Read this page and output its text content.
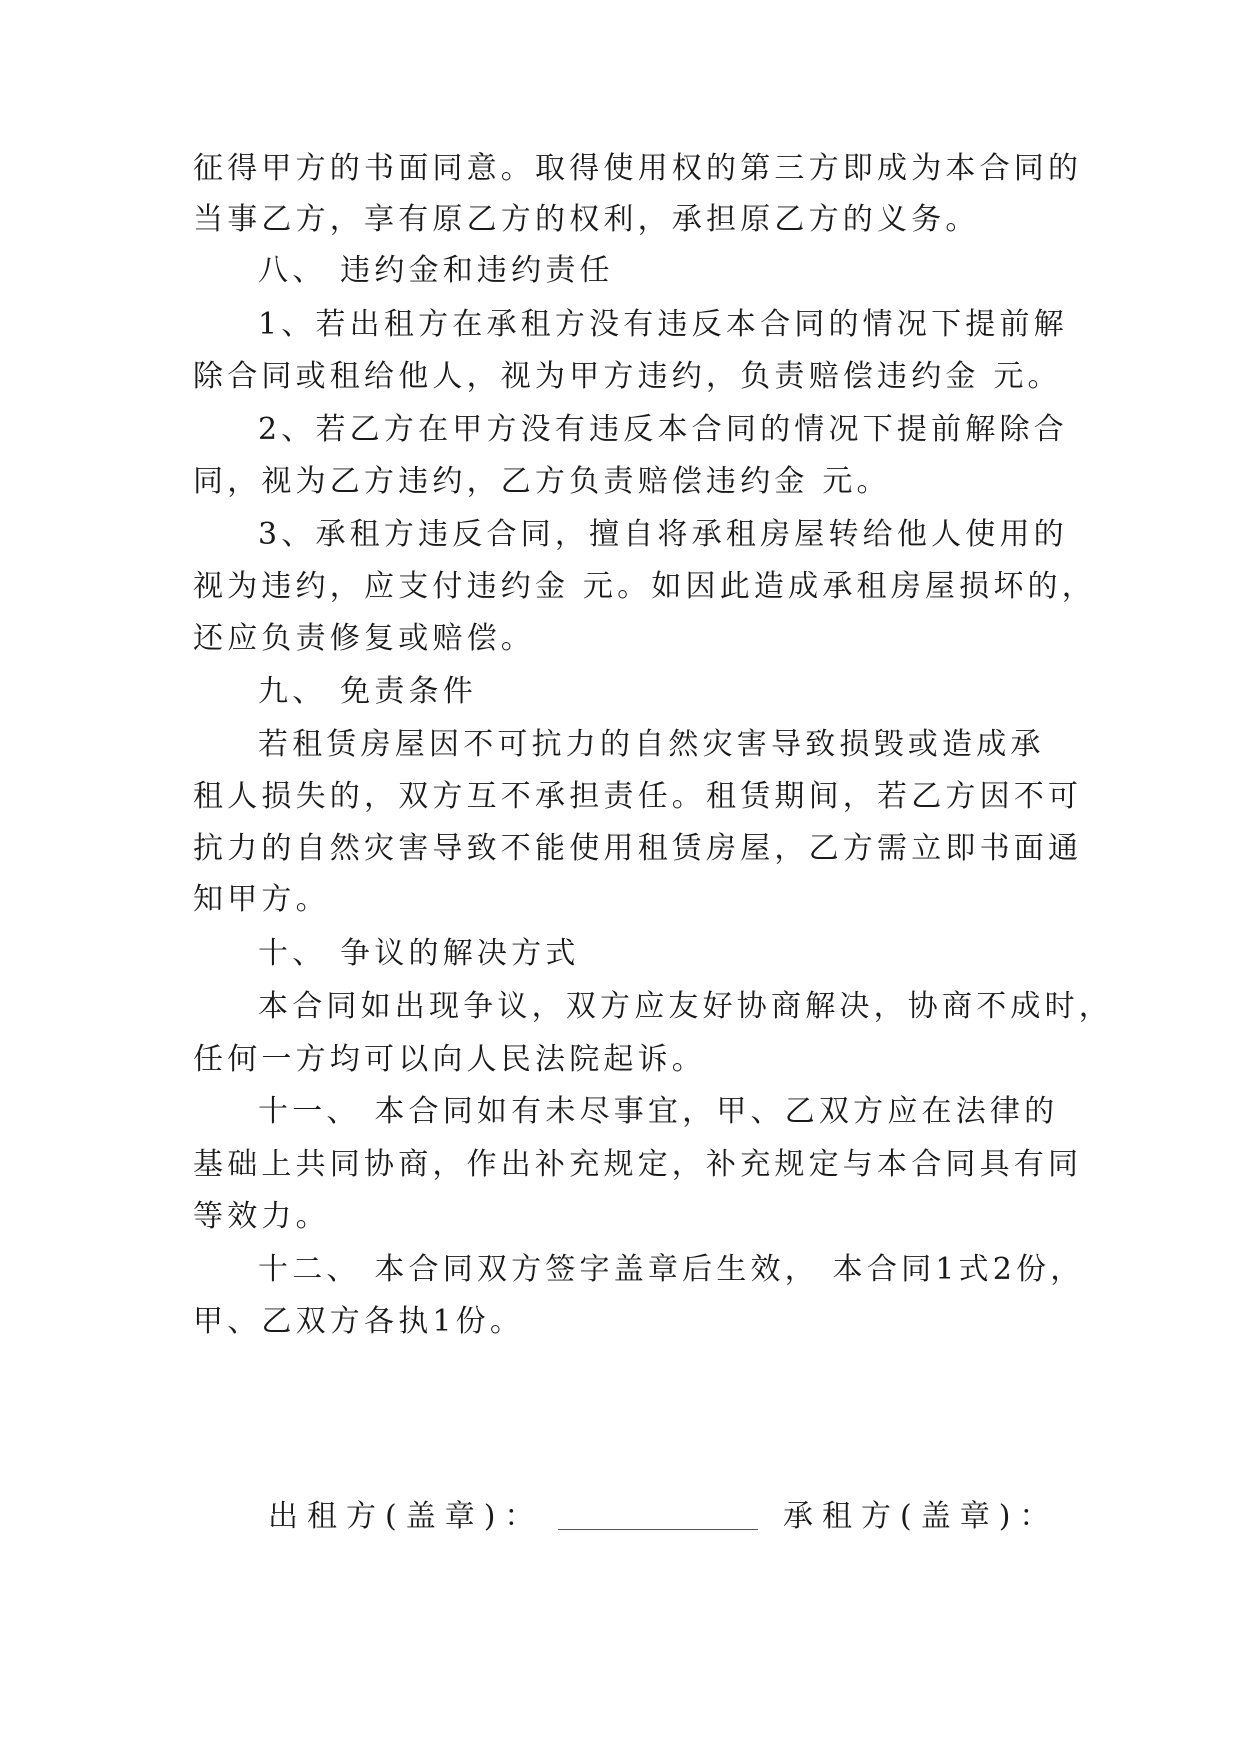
征得甲方的书面同意。取得使用权的第三方即成为本合同的
当事乙方，享有原乙方的权利，承担原乙方的义务。
八、 违约金和违约责任
1、若出租方在承租方没有违反本合同的情况下提前解
除合同或租给他人，视为甲方违约，负责赔偿违约金 元。
2、若乙方在甲方没有违反本合同的情况下提前解除合
同，视为乙方违约，乙方负责赔偿违约金 元。
3、承租方违反合同，擅自将承租房屋转给他人使用的
视为违约，应支付违约金 元。如因此造成承租房屋损坏的，
还应负责修复或赔偿。
九、 免责条件
若租赁房屋因不可抗力的自然灾害导致损毁或造成承
租人损失的，双方互不承担责任。租赁期间，若乙方因不可
抗力的自然灾害导致不能使用租赁房屋，乙方需立即书面通
知甲方。
十、 争议的解决方式
本合同如出现争议，双方应友好协商解决，协商不成时，
任何一方均可以向人民法院起诉。
十一、 本合同如有未尽事宜，甲、乙双方应在法律的
基础上共同协商，作出补充规定，补充规定与本合同具有同
等效力。
十二、 本合同双方签字盖章后生效， 本合同1式2份，
甲、乙双方各执1份。
出租方(盖章)：	承租方(盖章)：
